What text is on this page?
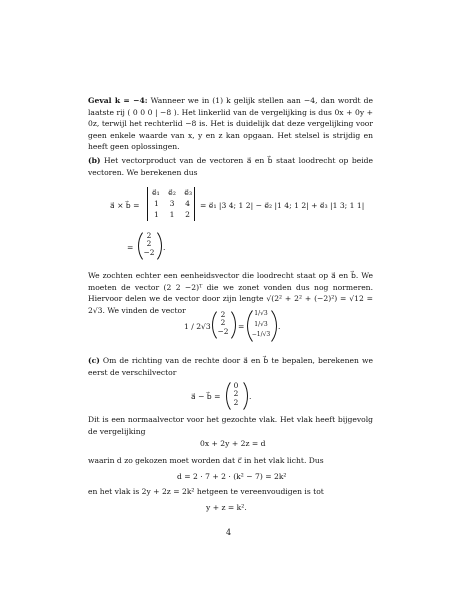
Geval k = −4: Wanneer we in (1) k gelijk stellen aan −4, dan wordt de laatste rij ( 0 0 0 | −8 ). Het linkerlid van de vergelijking is dus 0x + 0y + 0z, terwijl het rechterlid −8 is. Het is duidelijk dat deze vergelijking voor geen enkele waarde van x, y en z kan opgaan. Het stelsel is strijdig en heeft geen oplossingen.
(b) Het vectorproduct van de vectoren a⃗ en b⃗ staat loodrecht op beide vectoren. We berekenen dus
a⃗ × b⃗ =
e⃗₁ e⃗₂ e⃗₃
1 3 4
1 1 2
= e⃗₁ |3 4; 1 2| − e⃗₂ |1 4; 1 2| + e⃗₃ |1 3; 1 1|
=
2
2
−2
.
We zochten echter een eenheidsvector die loodrecht staat op a⃗ en b⃗. We moeten de vector (2 2 −2)ᵀ die we zonet vonden dus nog normeren. Hiervoor delen we de vector door zijn lengte √(2² + 2² + (−2)²) = √12 = 2√3. We vinden de vector
1 / 2√3
2
2
−2
=
1/√3
1/√3
−1/√3
.
(c) Om de richting van de rechte door a⃗ en b⃗ te bepalen, berekenen we eerst de verschilvector
a⃗ − b⃗ =
0
2
2
.
Dit is een normaalvector voor het gezochte vlak. Het vlak heeft bijgevolg de vergelijking
0x + 2y + 2z = d
waarin d zo gekozen moet worden dat c⃗ in het vlak licht. Dus
d = 2 · 7 + 2 · (k² − 7) = 2k²
en het vlak is 2y + 2z = 2k² hetgeen te vereenvoudigen is tot
y + z = k².
4
